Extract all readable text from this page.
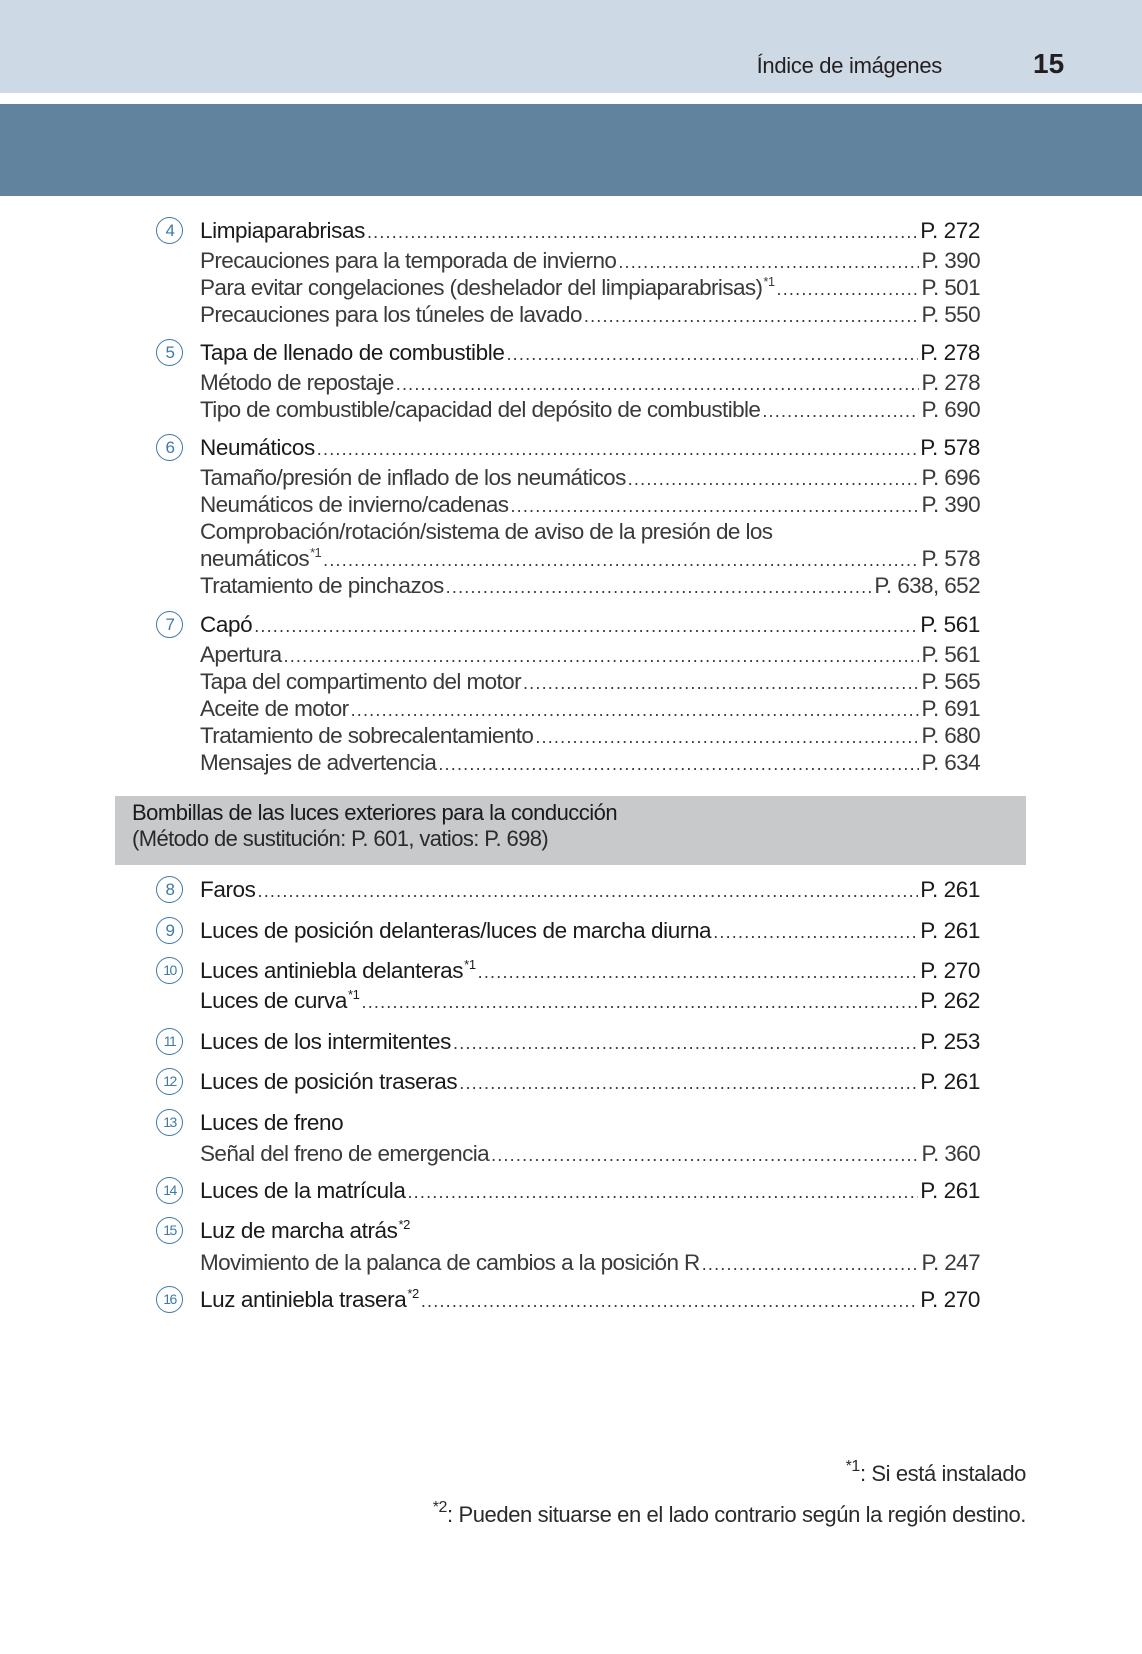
Índice de imágenes	15
4	Limpiaparabrisas .....	P. 272
Precauciones para la temporada de invierno .....	P. 390
Para evitar congelaciones (deshelador del limpiaparabrisas)$^{*1}$ .....	P. 501
Precauciones para los túneles de lavado .....	P. 550
5	Tapa de llenado de combustible .....	P. 278
Método de repostaje .....	P. 278
Tipo de combustible/capacidad del depósito de combustible .....	P. 690
6	Neumáticos .....	P. 578
Tamaño/presión de inflado de los neumáticos .....	P. 696
Neumáticos de invierno/cadenas .....	P. 390
Comprobación/rotación/sistema de aviso de la presión de los
neumáticos$^{*1}$ .....	P. 578
Tratamiento de pinchazos .....	P. 638, 652
7	Capó .....	P. 561
Apertura .....	P. 561
Tapa del compartimento del motor .....	P. 565
Aceite de motor .....	P. 691
Tratamiento de sobrecalentamiento .....	P. 680
Mensajes de advertencia .....	P. 634
Bombillas de las luces exteriores para la conducción
(Método de sustitución: P. 601, vatios: P. 698)
8	Faros .....	P. 261
9	Luces de posición delanteras/luces de marcha diurna .....	P. 261
10	Luces antiniebla delanteras$^{*1}$ .....	P. 270
Luces de curva$^{*1}$ .....	P. 262
11	Luces de los intermitentes .....	P. 253
12	Luces de posición traseras .....	P. 261
13	Luces de freno
Señal del freno de emergencia .....	P. 360
14	Luces de la matrícula .....	P. 261
15	Luz de marcha atrás$^{*2}$
Movimiento de la palanca de cambios a la posición R .....	P. 247
16	Luz antiniebla trasera$^{*2}$ .....	P. 270
$^{*1}$: Si está instalado
$^{*2}$: Pueden situarse en el lado contrario según la región destino.
